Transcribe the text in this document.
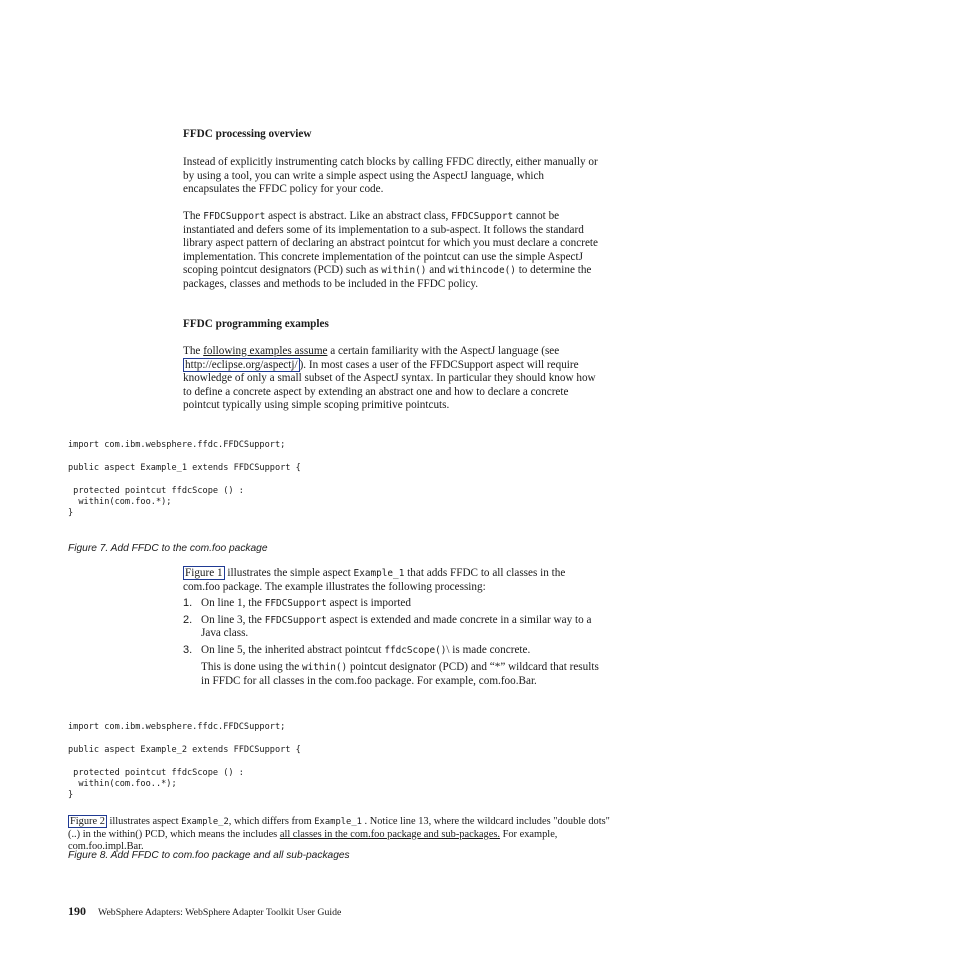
FFDC processing overview
Instead of explicitly instrumenting catch blocks by calling FFDC directly, either manually or by using a tool, you can write a simple aspect using the AspectJ language, which encapsulates the FFDC policy for your code.
The FFDCSupport aspect is abstract. Like an abstract class, FFDCSupport cannot be instantiated and defers some of its implementation to a sub-aspect. It follows the standard library aspect pattern of declaring an abstract pointcut for which you must declare a concrete implementation. This concrete implementation of the pointcut can use the simple AspectJ scoping pointcut designators (PCD) such as within() and withincode() to determine the packages, classes and methods to be included in the FFDC policy.
FFDC programming examples
The following examples assume a certain familiarity with the AspectJ language (see http://eclipse.org/aspectj/ ). In most cases a user of the FFDCSupport aspect will require knowledge of only a small subset of the AspectJ syntax. In particular they should know how to define a concrete aspect by extending an abstract one and how to declare a concrete pointcut typically using simple scoping primitive pointcuts.
import com.ibm.websphere.ffdc.FFDCSupport;

public aspect Example_1 extends FFDCSupport {

protected pointcut ffdcScope () :
within(com.foo.*);
}
Figure 7. Add FFDC to the com.foo package
Figure 1 illustrates the simple aspect Example_1 that adds FFDC to all classes in the com.foo package. The example illustrates the following processing:
1. On line 1, the FFDCSupport aspect is imported
2. On line 3, the FFDCSupport aspect is extended and made concrete in a similar way to a Java class.
3. On line 5, the inherited abstract pointcut ffdcScope()\ is made concrete.
This is done using the within() pointcut designator (PCD) and “*” wildcard that results in FFDC for all classes in the com.foo package. For example, com.foo.Bar.
import com.ibm.websphere.ffdc.FFDCSupport;

public aspect Example_2 extends FFDCSupport {

protected pointcut ffdcScope () :
within(com.foo..*);
}
Figure 2 illustrates aspect Example_2, which differs from Example_1 . Notice line 13, where the wildcard includes "double dots" (..) in the within() PCD, which means the includes all classes in the com.foo package and sub-packages. For example, com.foo.impl.Bar.
Figure 8. Add FFDC to com.foo package and all sub-packages
190 WebSphere Adapters: WebSphere Adapter Toolkit User Guide
